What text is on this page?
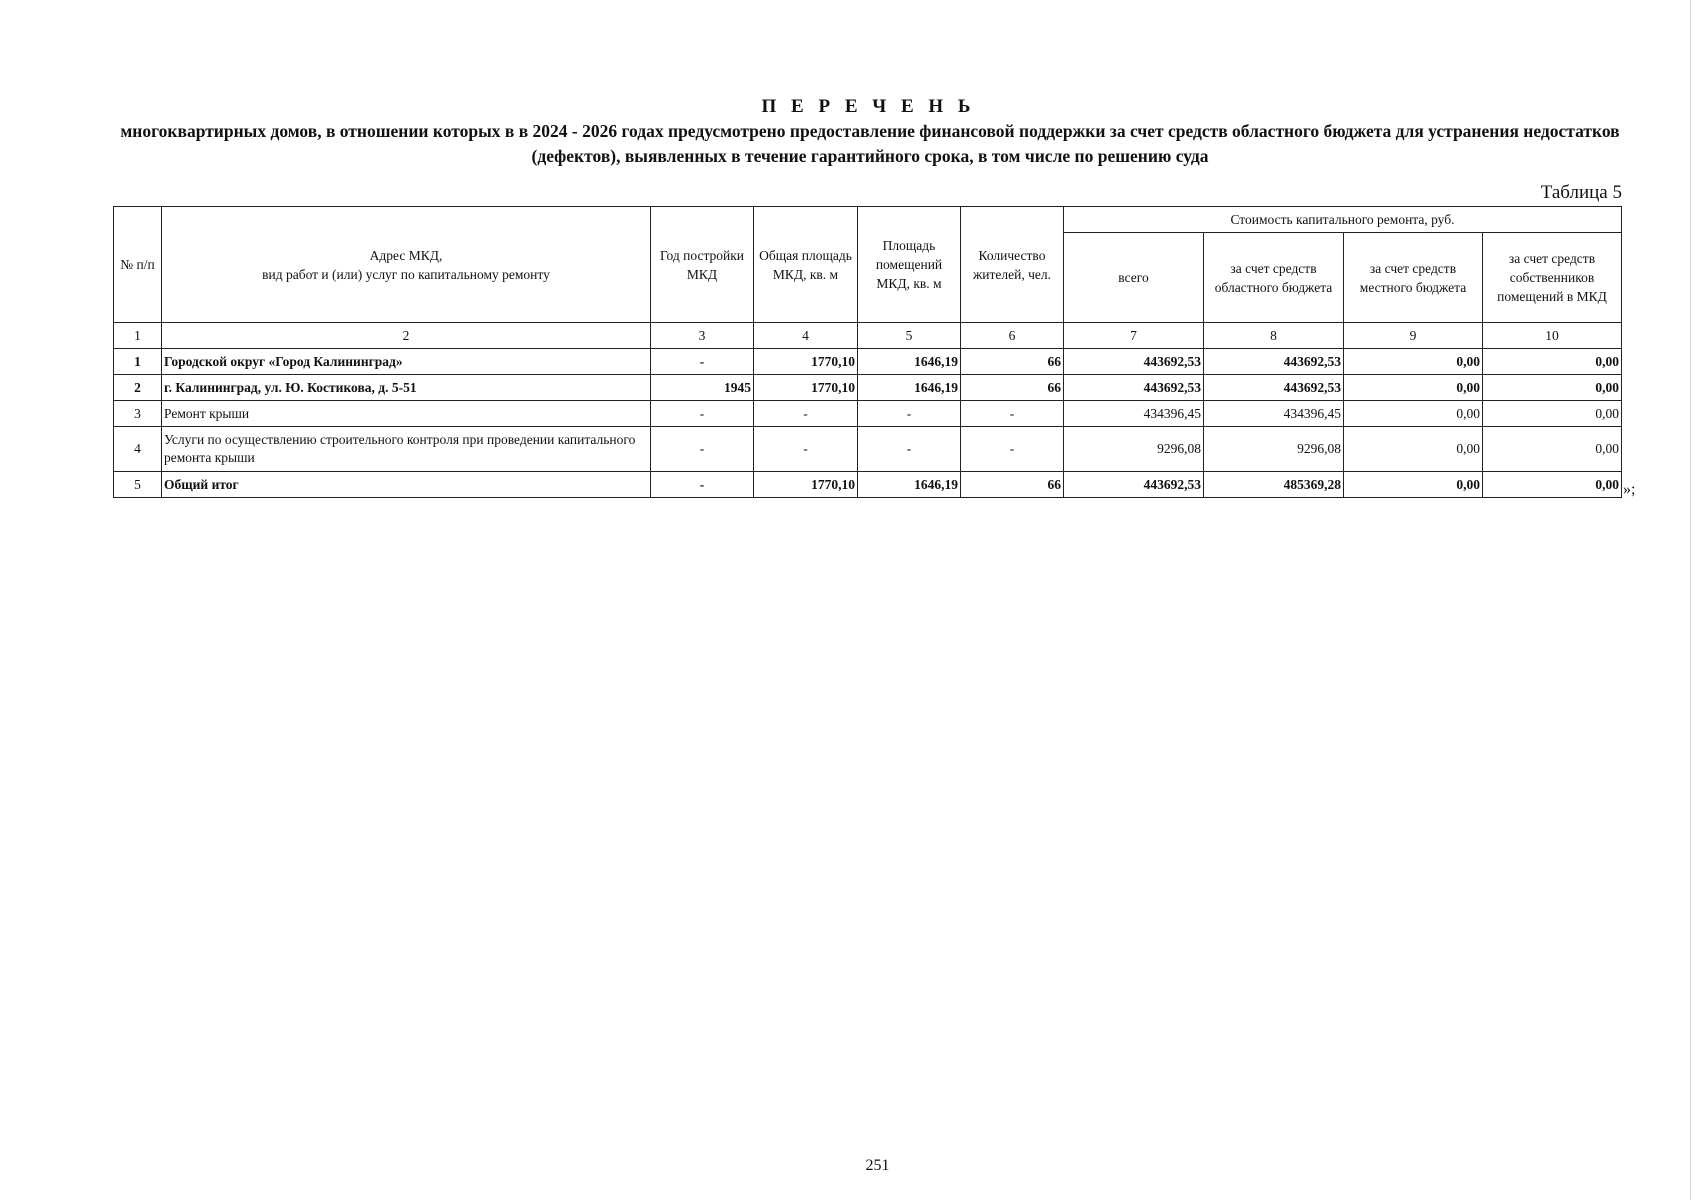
П Е Р Е Ч Е Н Ь
многоквартирных домов, в отношении которых в в 2024 - 2026 годах предусмотрено предоставление финансовой поддержки за счет средств областного бюджета для устранения недостатков (дефектов), выявленных в течение гарантийного срока, в том числе по решению суда
Таблица 5
№ п/п	Адрес МКД,
вид работ и (или) услуг по капитальному ремонту	Год постройки МКД	Общая площадь МКД, кв. м	Площадь помещений МКД, кв. м	Количество жителей, чел.	Стоимость капитального ремонта, руб.			
						всего	за счет средств областного бюджета	за счет средств местного бюджета	за счет средств собственников помещений в МКД
1	2	3	4	5	6	7	8	9	10
1	Городской округ «Город Калининград»	-	1770,10	1646,19	66	443692,53	443692,53	0,00	0,00
2	г. Калининград, ул. Ю. Костикова, д. 5-51	1945	1770,10	1646,19	66	443692,53	443692,53	0,00	0,00
3	Ремонт крыши	-	-	-	-	434396,45	434396,45	0,00	0,00
4	Услуги по осуществлению строительного контроля при проведении капитального ремонта крыши	-	-	-	-	9296,08	9296,08	0,00	0,00
5	Общий итог	-	1770,10	1646,19	66	443692,53	485369,28	0,00	0,00 »;
251
